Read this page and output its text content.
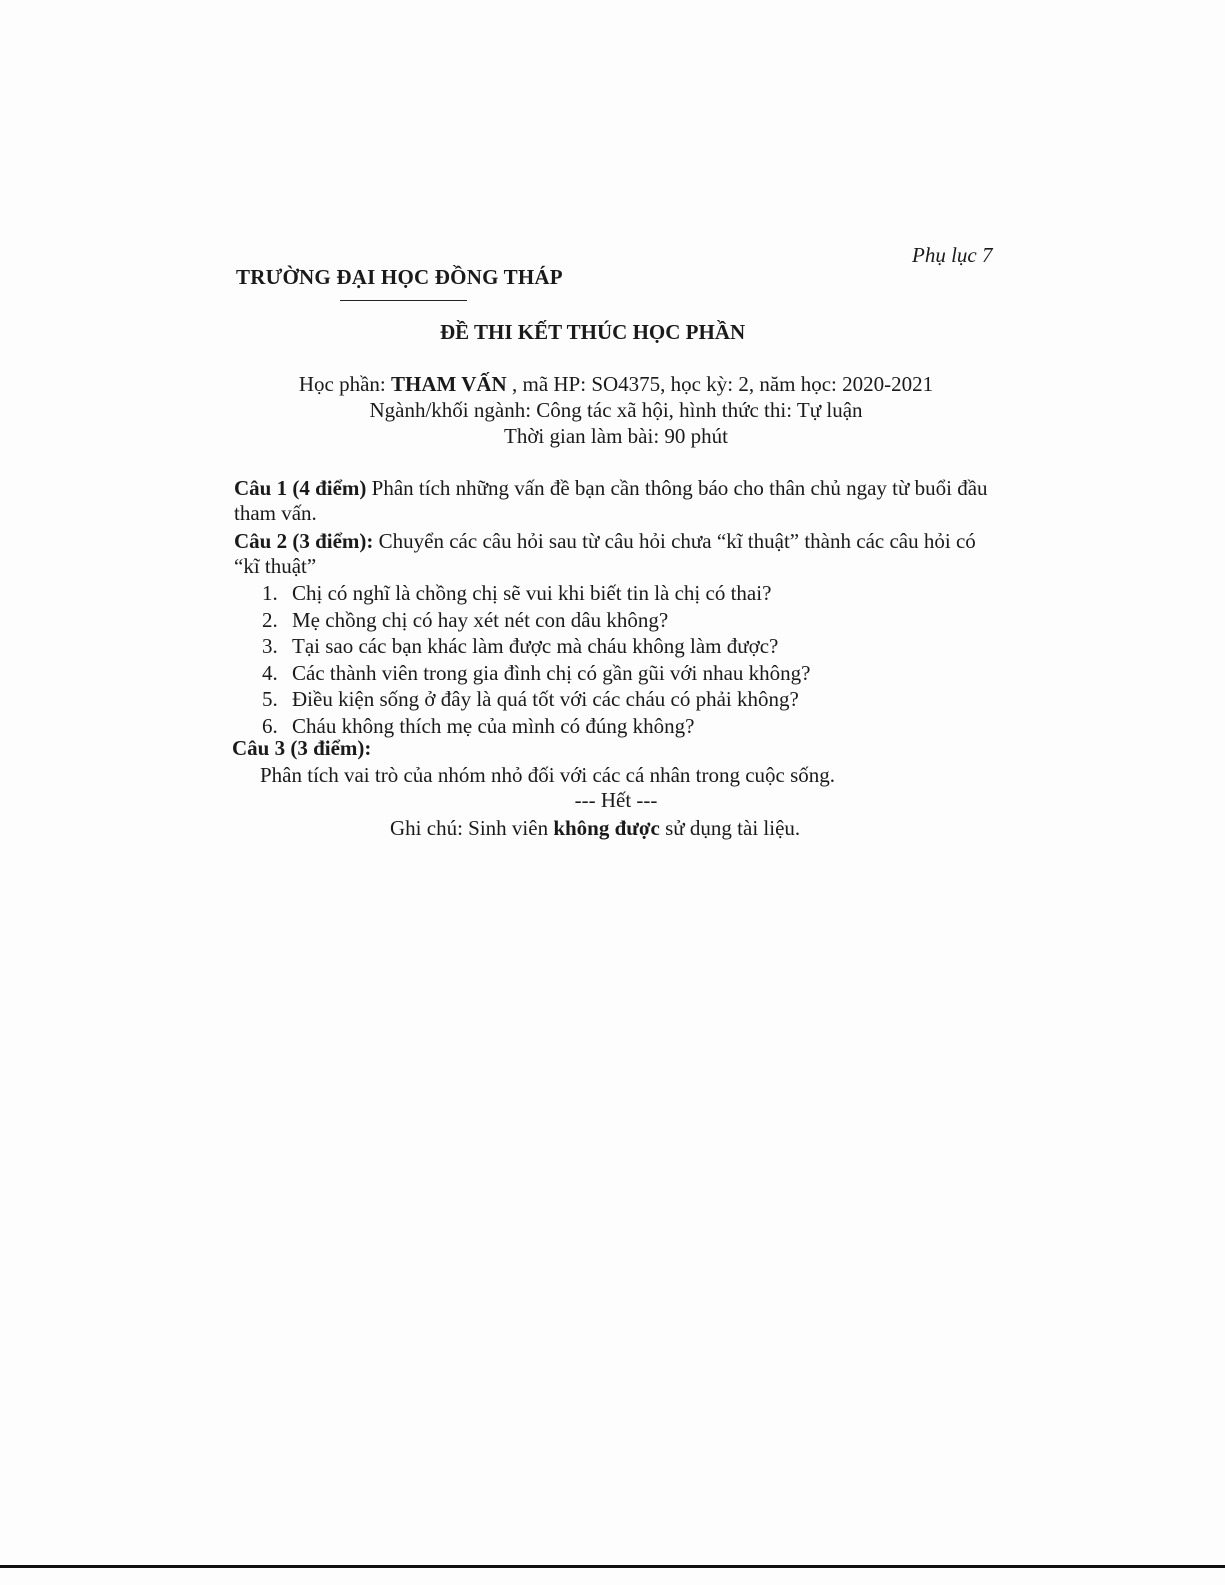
Phụ lục 7
TRƯỜNG ĐẠI HỌC ĐỒNG THÁP
ĐỀ THI KẾT THÚC HỌC PHẦN
Học phần: THAM VẤN , mã HP: SO4375, học kỳ: 2, năm học: 2020-2021
Ngành/khối ngành: Công tác xã hội, hình thức thi: Tự luận
Thời gian làm bài: 90 phút
Câu 1 (4 điểm) Phân tích những vấn đề bạn cần thông báo cho thân chủ ngay từ buổi đầu tham vấn.
Câu 2 (3 điểm): Chuyển các câu hỏi sau từ câu hỏi chưa “kĩ thuật” thành các câu hỏi có “kĩ thuật”
1. Chị có nghĩ là chồng chị sẽ vui khi biết tin là chị có thai?
2. Mẹ chồng chị có hay xét nét con dâu không?
3. Tại sao các bạn khác làm được mà cháu không làm được?
4. Các thành viên trong gia đình chị có gần gũi với nhau không?
5. Điều kiện sống ở đây là quá tốt với các cháu có phải không?
6. Cháu không thích mẹ của mình có đúng không?
Câu 3 (3 điểm):
Phân tích vai trò của nhóm nhỏ đối với các cá nhân trong cuộc sống.
--- Hết ---
Ghi chú: Sinh viên không được sử dụng tài liệu.
